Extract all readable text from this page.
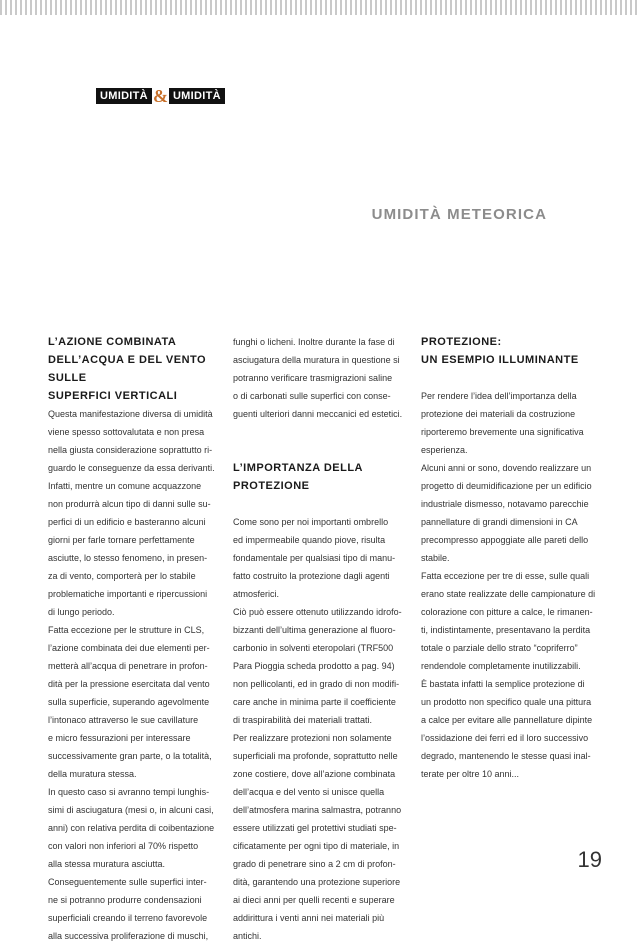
UMIDITÀ & UMIDITÀ
UMIDITÀ METEORICA

L’AZIONE COMBINATA

DELL’ACQUA E DEL VENTO SULLE

SUPERFICI VERTICALI

Questa manifestazione diversa di umidità

viene spesso sottovalutata e non presa

nella giusta considerazione soprattutto ri-

guardo le conseguenze da essa derivanti.

Infatti, mentre un comune acquazzone

non produrrà alcun tipo di danni sulle su-

perfici di un edificio e basteranno alcuni

giorni per farle tornare perfettamente

asciutte, lo stesso fenomeno, in presen-

za di vento, comporterà per lo stabile

problematiche importanti e ripercussioni

di lungo periodo.

Fatta eccezione per le strutture in CLS,

l’azione combinata dei due elementi per-

metterà all’acqua di penetrare in profon-

dità per la pressione esercitata dal vento

sulla superficie, superando agevolmente

l’intonaco attraverso le sue cavillature

e micro fessurazioni per interessare

successivamente gran parte, o la totalità,

della muratura stessa.

In questo caso si avranno tempi lunghis-

simi di asciugatura (mesi o, in alcuni casi,

anni) con relativa perdita di coibentazione

con valori non inferiori al 70% rispetto

alla stessa muratura asciutta.

Conseguentemente sulle superfici inter-

ne si potranno produrre condensazioni

superficiali creando il terreno favorevole

alla successiva proliferazione di muschi,

funghi o licheni. Inoltre durante la fase di

asciugatura della muratura in questione si

potranno verificare trasmigrazioni saline

o di carbonati sulle superfici con conse-

guenti ulteriori danni meccanici ed estetici.

L’IMPORTANZA DELLA

PROTEZIONE

Come sono per noi importanti ombrello

ed impermeabile quando piove, risulta

fondamentale per qualsiasi tipo di manu-

fatto costruito la protezione dagli agenti

atmosferici.

Ciò può essere ottenuto utilizzando idrofo-

bizzanti dell’ultima generazione al fluoro-

carbonio in solventi eteropolari (TRF500

Para Pioggia scheda prodotto a pag. 94)

non pellicolanti, ed in grado di non modifi-

care anche in minima parte il coefficiente

di traspirabilità dei materiali trattati.

Per realizzare protezioni non solamente

superficiali ma profonde, soprattutto nelle

zone costiere, dove all’azione combinata

dell’acqua e del vento si unisce quella

dell’atmosfera marina salmastra, potranno

essere utilizzati gel protettivi studiati spe-

cificatamente per ogni tipo di materiale, in

grado di penetrare sino a 2 cm di profon-

dità, garantendo una protezione superiore

ai dieci anni per quelli recenti e superare

addirittura i venti anni nei materiali più

antichi.

PROTEZIONE:

UN ESEMPIO ILLUMINANTE

Per rendere l’idea dell’importanza della

protezione dei materiali da costruzione

riporteremo brevemente una significativa

esperienza.

Alcuni anni or sono, dovendo realizzare un

progetto di deumidificazione per un edificio

industriale dismesso, notavamo parecchie

pannellature di grandi dimensioni in CA

precompresso appoggiate alle pareti dello

stabile.

Fatta eccezione per tre di esse, sulle quali

erano state realizzate delle campionature di

colorazione con pitture a calce, le rimanen-

ti, indistintamente, presentavano la perdita

totale o parziale dello strato “copriferro”

rendendole completamente inutilizzabili.

È bastata infatti la semplice protezione di

un prodotto non specifico quale una pittura

a calce per evitare alle pannellature dipinte

l’ossidazione dei ferri ed il loro successivo

degrado, mantenendo le stesse quasi inal-

terate per oltre 10 anni...

19
